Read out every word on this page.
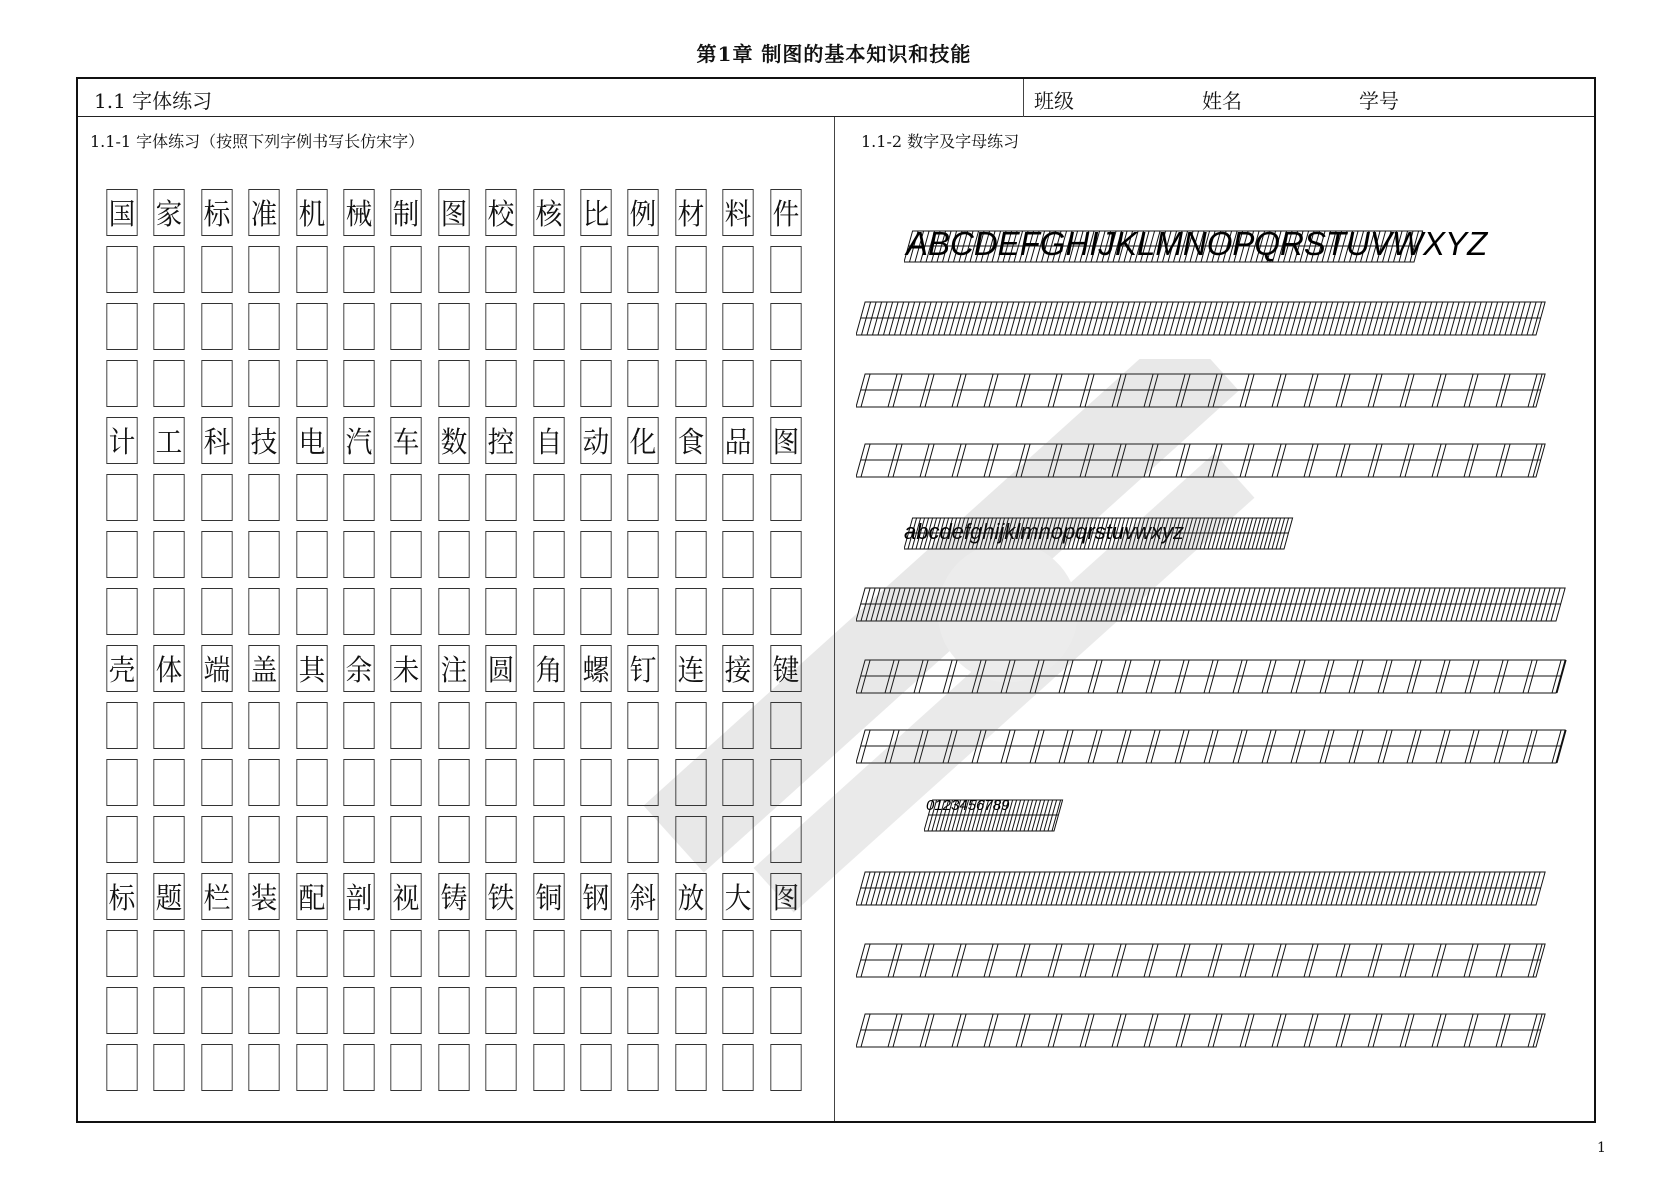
第1章 制图的基本知识和技能
1.1 字体练习	班级	姓名	学号
1.1-1 字体练习（按照下列字例书写长仿宋字）	1.1-2 数字及字母练习
国 家 标 准 机 械 制 图 校 核 比 例 材 料 件
计 工 科 技 电 汽 车 数 控 自 动 化 食 品 图
壳 体 端 盖 其 余 未 注 圆 角 螺 钉 连 接 键
标 题 栏 装 配 剖 视 铸 铁 铜 钢 斜 放 大 图
ABCDEFGHIJKLMNOPQRSTUVWXYZ
abcdefghijklmnopqrstuvwxyz
0123456789
1
